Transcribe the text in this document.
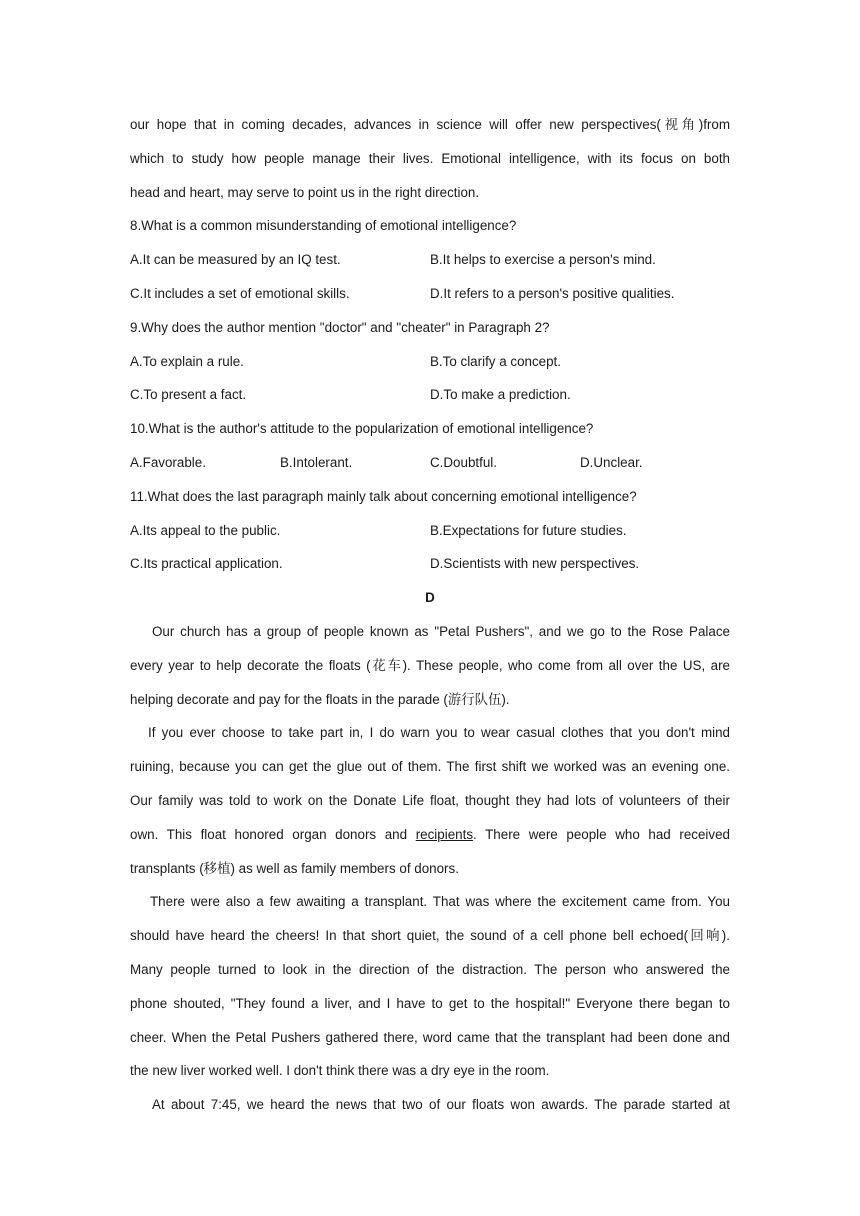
our hope that in coming decades, advances in science will offer new perspectives(视角)from

which to study how people manage their lives. Emotional intelligence, with its focus on both

head and heart, may serve to point us in the right direction.

8.What is a common misunderstanding of emotional intelligence?

A.It can be measured by an IQ test.	B.It helps to exercise a person's mind.
C.It includes a set of emotional skills.	D.It refers to a person's positive qualities.

9.Why does the author mention "doctor" and "cheater" in Paragraph 2?

A.To explain a rule.	B.To clarify a concept.
C.To present a fact.	D.To make a prediction.

10.What is the author's attitude to the popularization of emotional intelligence?

A.Favorable.	B.Intolerant.	C.Doubtful.	D.Unclear.

11.What does the last paragraph mainly talk about concerning emotional intelligence?

A.Its appeal to the public.	B.Expectations for future studies.
C.Its practical application.	D.Scientists with new perspectives.

D

Our church has a group of people known as "Petal Pushers", and we go to the Rose Palace

every year to help decorate the floats (花车). These people, who come from all over the US, are

helping decorate and pay for the floats in the parade (游行队伍).

If you ever choose to take part in, I do warn you to wear casual clothes that you don't mind

ruining, because you can get the glue out of them. The first shift we worked was an evening one.

Our family was told to work on the Donate Life float, thought they had lots of volunteers of their

own. This float honored organ donors and recipients. There were people who had received

transplants (移植) as well as family members of donors.

There were also a few awaiting a transplant. That was where the excitement came from. You

should have heard the cheers! In that short quiet, the sound of a cell phone bell echoed(回响).

Many people turned to look in the direction of the distraction. The person who answered the

phone shouted, "They found a liver, and I have to get to the hospital!" Everyone there began to

cheer. When the Petal Pushers gathered there, word came that the transplant had been done and

the new liver worked well. I don't think there was a dry eye in the room.

At about 7:45, we heard the news that two of our floats won awards. The parade started at
